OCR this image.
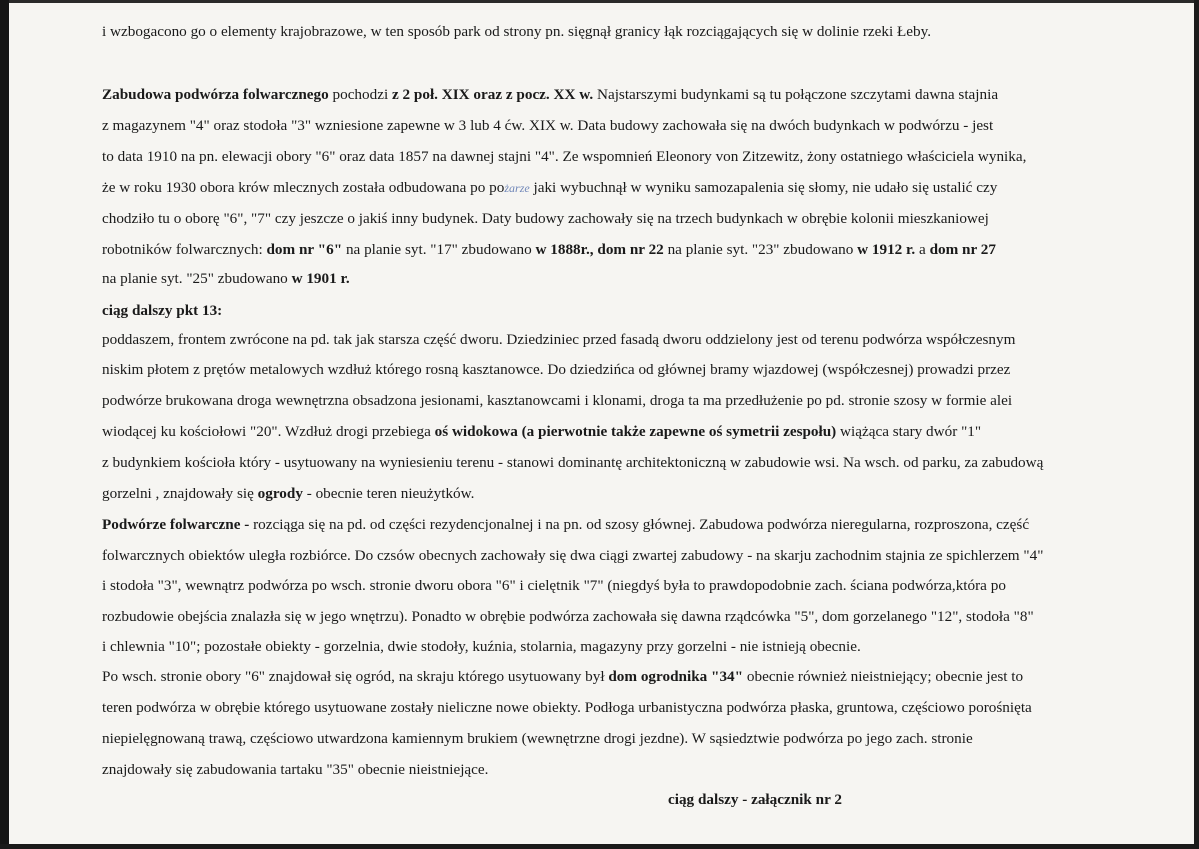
i wzbogacono go o elementy krajobrazowe, w ten sposób park od strony pn. sięgnął granicy łąk rozciągających się w dolinie rzeki Łeby.
Zabudowa podwórza folwarcznego pochodzi z 2 poł. XIX oraz z pocz. XX w. Najstarszymi budynkami są tu połączone szczytami dawna stajnia
z magazynem "4" oraz stodoła "3" wzniesione zapewne w 3 lub 4 ćw. XIX w. Data budowy zachowała się na dwóch budynkach w podwórzu - jest
to data 1910 na pn. elewacji obory "6" oraz data 1857 na dawnej stajni "4". Ze wspomnień Eleonory von Zitzewitz, żony ostatniego właściciela wynika,
że w roku 1930 obora krów mlecznych została odbudowana po pożarze jaki wybuchnął w wyniku samozapalenia się słomy, nie udało się ustalić czy
chodziło tu o oborę "6", "7" czy jeszcze o jakiś inny budynek. Daty budowy zachowały się na trzech budynkach w obrębie kolonii mieszkaniowej
robotników folwarcznych: dom nr "6" na planie syt. "17" zbudowano w 1888r., dom nr 22 na planie syt. "23" zbudowano w 1912 r. a dom nr 27
na planie syt. "25" zbudowano w 1901 r.
ciąg dalszy pkt 13:
poddaszem, frontem zwrócone na pd. tak jak starsza część dworu. Dziedziniec przed fasadą dworu oddzielony jest od terenu podwórza współczesnym
niskim płotem z prętów metalowych wzdłuż którego rosną kasztanowce. Do dziedzińca od głównej bramy wjazdowej (współczesnej) prowadzi przez
podwórze brukowana droga wewnętrzna obsadzona jesionami, kasztanowcami i klonami, droga ta ma przedłużenie po pd. stronie szosy w formie alei
wiodącej ku kościołowi "20". Wzdłuż drogi przebiega oś widokowa (a pierwotnie także zapewne oś symetrii zespołu) wiążąca stary dwór "1"
z budynkiem kościoła który - usytuowany na wyniesieniu terenu - stanowi dominantę architektoniczną w zabudowie wsi. Na wsch. od parku, za zabudową
gorzelni , znajdowały się ogrody - obecnie teren nieużytków.
Podwórze folwarczne - rozciąga się na pd. od części rezydencjonalnej i na pn. od szosy głównej. Zabudowa podwórza nieregularna, rozproszona, część
folwarcznych obiektów uległa rozbiórce. Do czsów obecnych zachowały się dwa ciągi zwartej zabudowy - na skarju zachodnim stajnia ze spichlerzem "4"
i stodoła "3", wewnątrz podwórza po wsch. stronie dworu obora "6" i cielętnik "7" (niegdyś była to prawdopodobnie zach. ściana podwórza,która po
rozbudowie obejścia znalazła się w jego wnętrzu). Ponadto w obrębie podwórza zachowała się dawna rządcówka "5", dom gorzelanego "12", stodoła "8"
i chlewnia "10"; pozostałe obiekty - gorzelnia, dwie stodoły, kuźnia, stolarnia, magazyny przy gorzelni - nie istnieją obecnie.
Po wsch. stronie obory "6" znajdował się ogród, na skraju którego usytuowany był dom ogrodnika "34" obecnie również nieistniejący; obecnie jest to
teren podwórza w obrębie którego usytuowane zostały nieliczne nowe obiekty. Podłoga urbanistyczna podwórza płaska, gruntowa, częściowo porośnięta
niepielęgnowaną trawą, częściowo utwardzona kamiennym brukiem (wewnętrzne drogi jezdne). W sąsiedztwie podwórza po jego zach. stronie
znajdowały się zabudowania tartaku "35" obecnie nieistniejące.
ciąg dalszy - załącznik nr 2
